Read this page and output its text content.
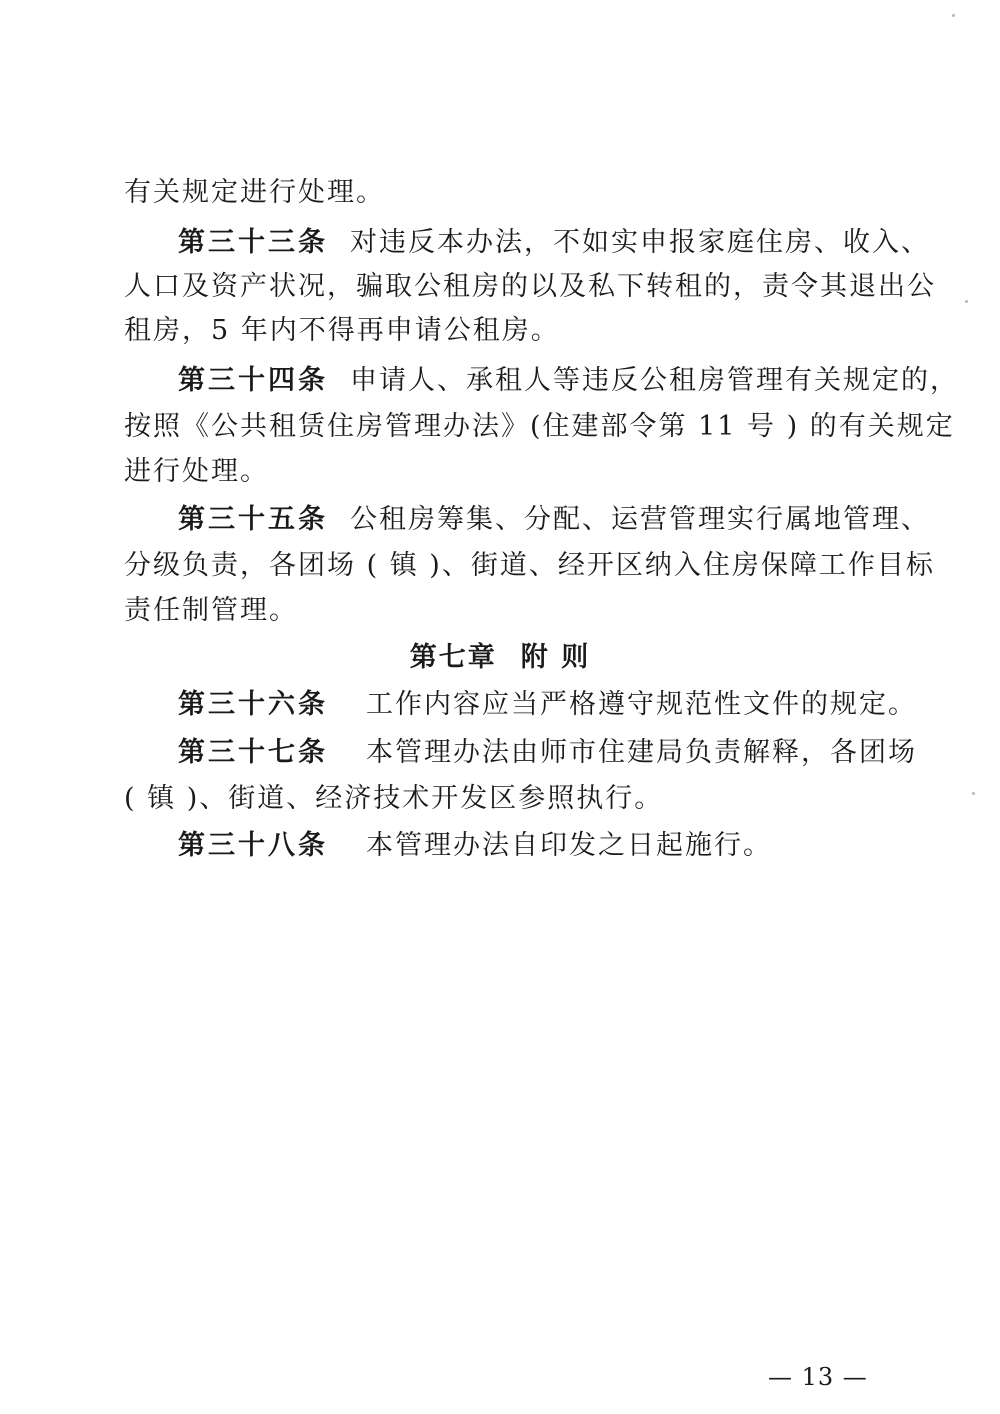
有关规定进行处理。
第三十三条 对违反本办法，不如实申报家庭住房、收入、
人口及资产状况，骗取公租房的以及私下转租的，责令其退出公
租房，5 年内不得再申请公租房。
第三十四条 申请人、承租人等违反公租房管理有关规定的，
按照《公共租赁住房管理办法》(住建部令第 11 号 ) 的有关规定
进行处理。
第三十五条 公租房筹集、分配、运营管理实行属地管理、
分级负责，各团场 ( 镇 )、街道、经开区纳入住房保障工作目标
责任制管理。
第七章 附 则
第三十六条 工作内容应当严格遵守规范性文件的规定。
第三十七条 本管理办法由师市住建局负责解释，各团场
( 镇 )、街道、经济技术开发区参照执行。
第三十八条 本管理办法自印发之日起施行。
— 13 —
